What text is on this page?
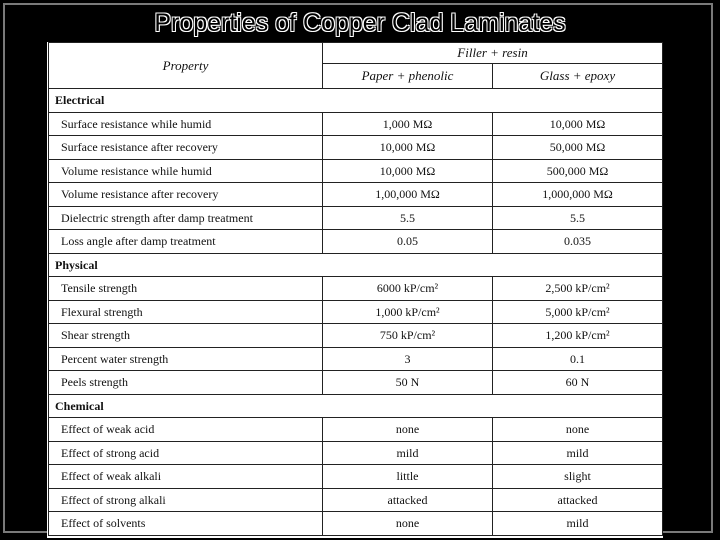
Properties of Copper Clad Laminates
Property	Filler + resin	
	Paper + phenolic	Glass + epoxy
Electrical		
Surface resistance while humid	1,000 MΩ	10,000 MΩ
Surface resistance after recovery	10,000 MΩ	50,000 MΩ
Volume resistance while humid	10,000 MΩ	500,000 MΩ
Volume resistance after recovery	1,00,000 MΩ	1,000,000 MΩ
Dielectric strength after damp treatment	5.5	5.5
Loss angle after damp treatment	0.05	0.035
Physical		
Tensile strength	6000 kP/cm²	2,500 kP/cm²
Flexural strength	1,000 kP/cm²	5,000 kP/cm²
Shear strength	750 kP/cm²	1,200 kP/cm²
Percent water strength	3	0.1
Peels strength	50 N	60 N
Chemical		
Effect of weak acid	none	none
Effect of strong acid	mild	mild
Effect of weak alkali	little	slight
Effect of strong alkali	attacked	attacked
Effect of solvents	none	mild
